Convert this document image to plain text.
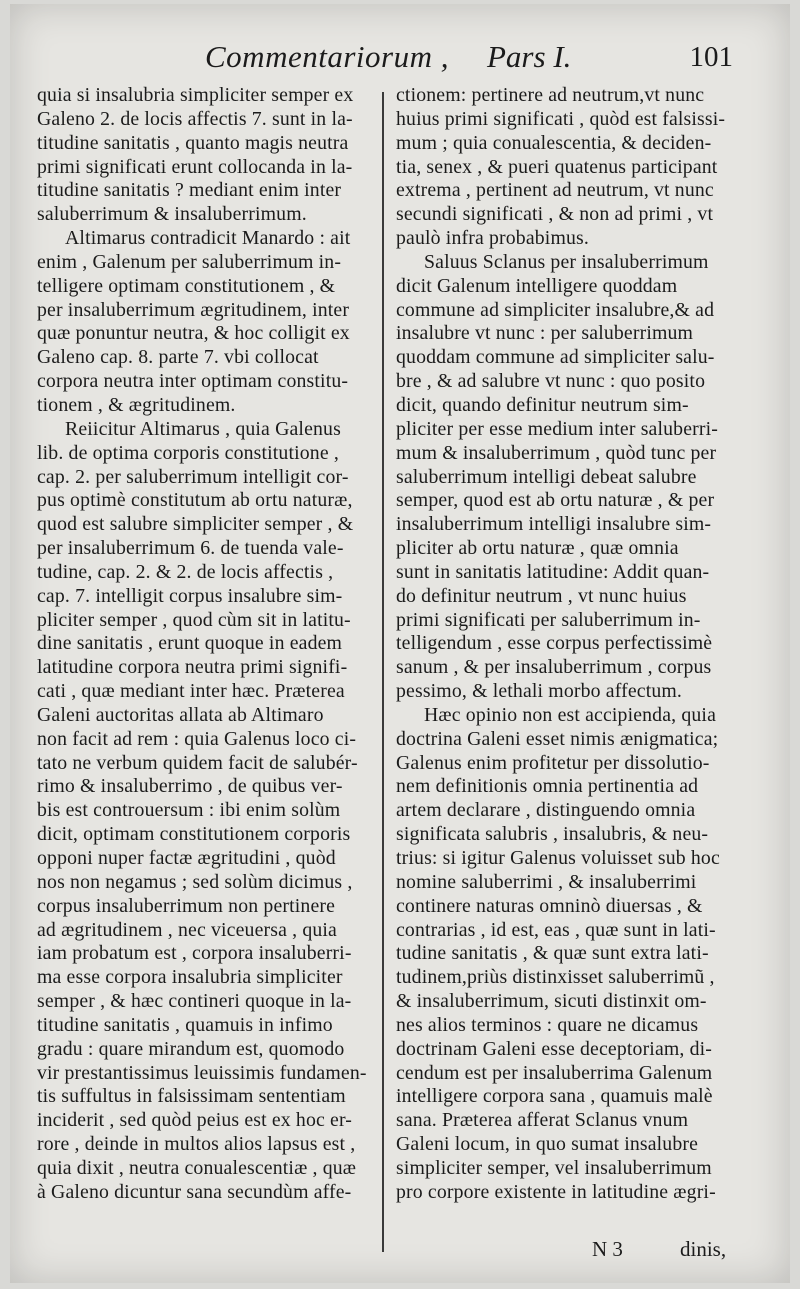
Commentariorum , Pars I.	101
quia si insalubria simpliciter semper ex
Galeno 2. de locis affectis 7. sunt in la-
titudine sanitatis , quanto magis neutra
primi significati erunt collocanda in la-
titudine sanitatis ? mediant enim inter
saluberrimum & insaluberrimum.
Altimarus contradicit Manardo : ait
enim , Galenum per saluberrimum in-
telligere optimam constitutionem , &
per insaluberrimum ægritudinem, inter
quæ ponuntur neutra, & hoc colligit ex
Galeno cap. 8. parte 7. vbi collocat
corpora neutra inter optimam constitu-
tionem , & ægritudinem.
Reiicitur Altimarus , quia Galenus
lib. de optima corporis constitutione ,
cap. 2. per saluberrimum intelligit cor-
pus optimè constitutum ab ortu naturæ,
quod est salubre simpliciter semper , &
per insaluberrimum 6. de tuenda vale-
tudine, cap. 2. & 2. de locis affectis ,
cap. 7. intelligit corpus insalubre sim-
pliciter semper , quod cùm sit in latitu-
dine sanitatis , erunt quoque in eadem
latitudine corpora neutra primi signifi-
cati , quæ mediant inter hæc. Præterea
Galeni auctoritas allata ab Altimaro
non facit ad rem : quia Galenus loco ci-
tato ne verbum quidem facit de salubér-
rimo & insaluberrimo , de quibus ver-
bis est controuersum : ibi enim solùm
dicit, optimam constitutionem corporis
opponi nuper factæ ægritudini , quòd
nos non negamus ; sed solùm dicimus ,
corpus insaluberrimum non pertinere
ad ægritudinem , nec viceuersa , quia
iam probatum est , corpora insaluberri-
ma esse corpora insalubria simpliciter
semper , & hæc contineri quoque in la-
titudine sanitatis , quamuis in infimo
gradu : quare mirandum est, quomodo
vir prestantissimus leuissimis fundamen-
tis suffultus in falsissimam sententiam
inciderit , sed quòd peius est ex hoc er-
rore , deinde in multos alios lapsus est ,
quia dixit , neutra conualescentiæ , quæ
à Galeno dicuntur sana secundùm affe-
ctionem: pertinere ad neutrum,vt nunc
huius primi significati , quòd est falsissi-
mum ; quia conualescentia, & deciden-
tia, senex , & pueri quatenus participant
extrema , pertinent ad neutrum, vt nunc
secundi significati , & non ad primi , vt
paulò infra probabimus.
Saluus Sclanus per insaluberrimum
dicit Galenum intelligere quoddam
commune ad simpliciter insalubre,& ad
insalubre vt nunc : per saluberrimum
quoddam commune ad simpliciter salu-
bre , & ad salubre vt nunc : quo posito
dicit, quando definitur neutrum sim-
pliciter per esse medium inter saluberri-
mum & insaluberrimum , quòd tunc per
saluberrimum intelligi debeat salubre
semper, quod est ab ortu naturæ , & per
insaluberrimum intelligi insalubre sim-
pliciter ab ortu naturæ , quæ omnia
sunt in sanitatis latitudine: Addit quan-
do definitur neutrum , vt nunc huius
primi significati per saluberrimum in-
telligendum , esse corpus perfectissimè
sanum , & per insaluberrimum , corpus
pessimo, & lethali morbo affectum.
Hæc opinio non est accipienda, quia
doctrina Galeni esset nimis ænigmatica;
Galenus enim profitetur per dissolutio-
nem definitionis omnia pertinentia ad
artem declarare , distinguendo omnia
significata salubris , insalubris, & neu-
trius: si igitur Galenus voluisset sub hoc
nomine saluberrimi , & insaluberrimi
continere naturas omninò diuersas , &
contrarias , id est, eas , quæ sunt in lati-
tudine sanitatis , & quæ sunt extra lati-
tudinem,priùs distinxisset saluberrimũ ,
& insaluberrimum, sicuti distinxit om-
nes alios terminos : quare ne dicamus
doctrinam Galeni esse deceptoriam, di-
cendum est per insaluberrima Galenum
intelligere corpora sana , quamuis malè
sana. Præterea afferat Sclanus vnum
Galeni locum, in quo sumat insalubre
simpliciter semper, vel insaluberrimum
pro corpore existente in latitudine ægri-
N 3	dinis,
